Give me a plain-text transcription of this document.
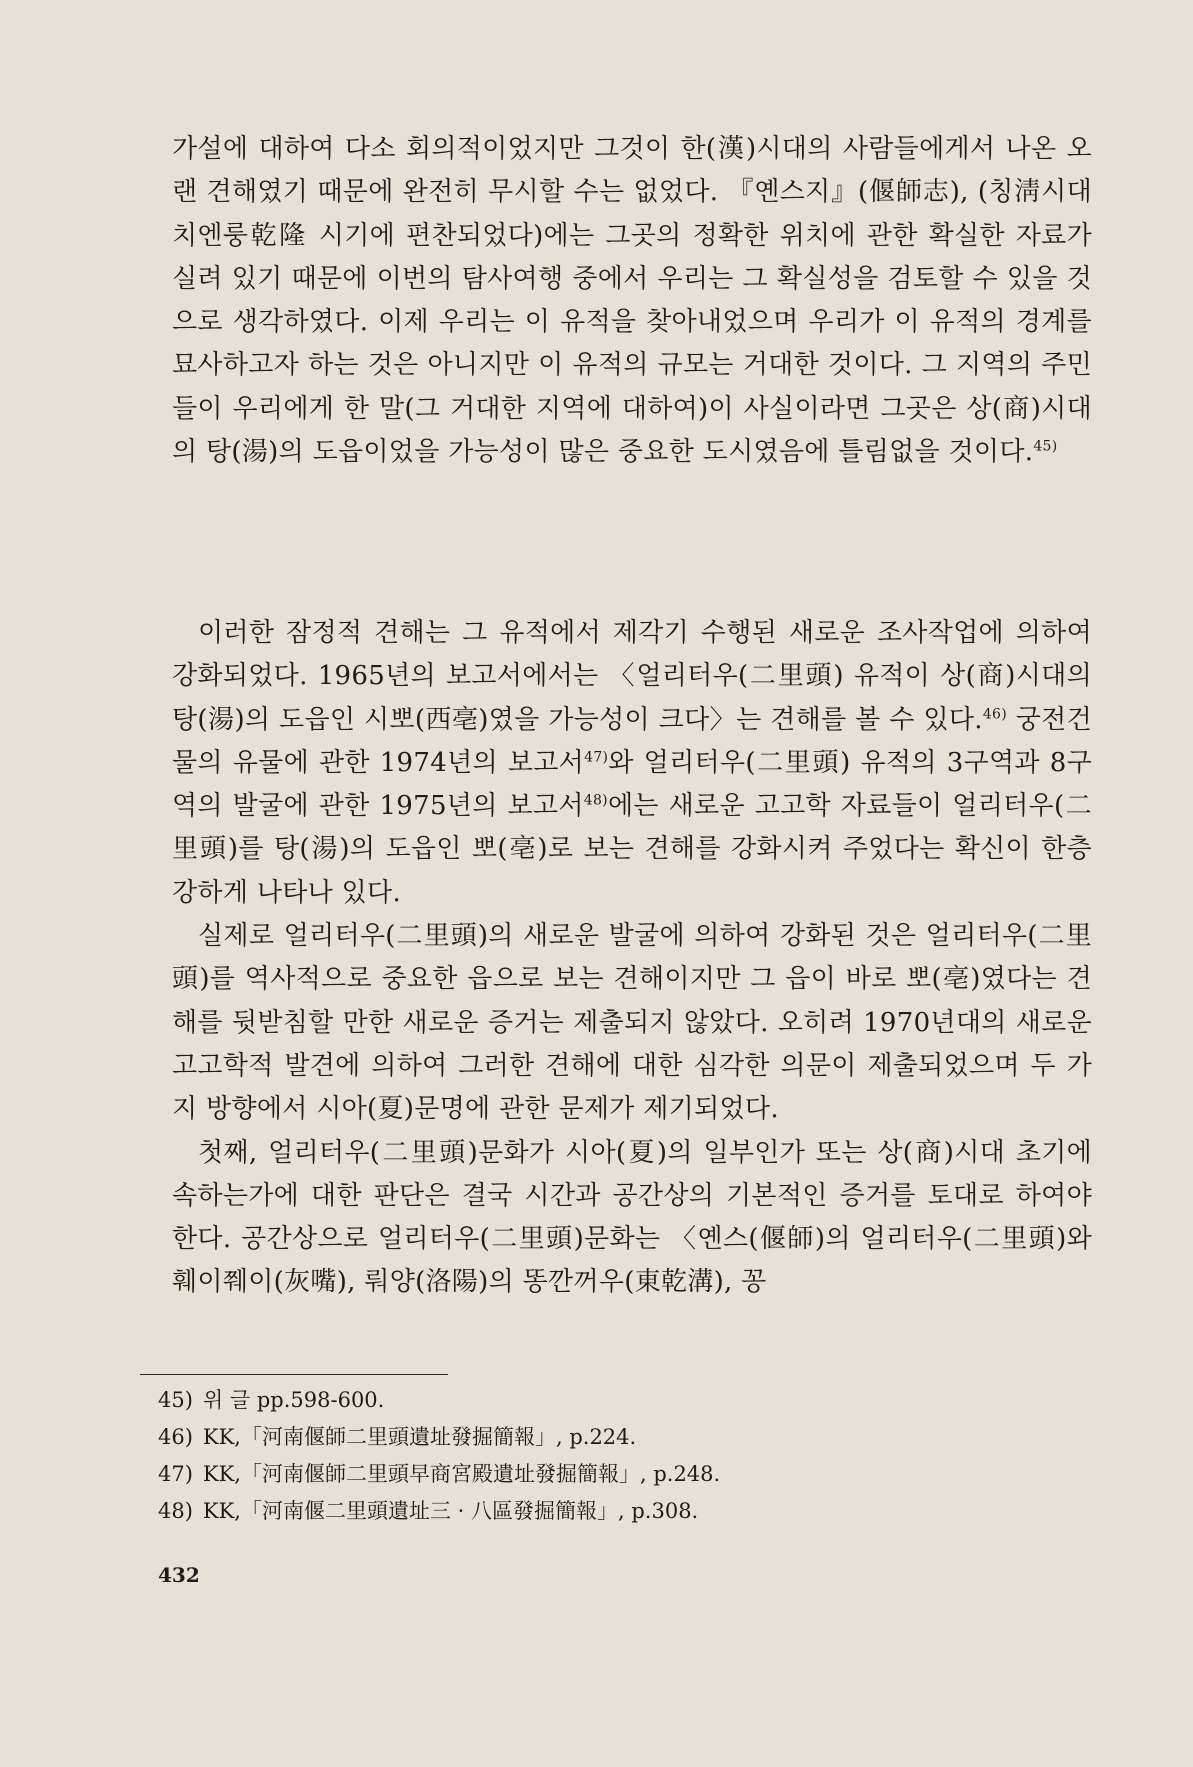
가설에 대하여 다소 회의적이었지만 그것이 한(漢)시대의 사람들에게서 나온 오랜 견해였기 때문에 완전히 무시할 수는 없었다. 『옌스지』(偃師志), (칭淸시대 치엔룽乾隆 시기에 편찬되었다)에는 그곳의 정확한 위치에 관한 확실한 자료가 실려 있기 때문에 이번의 탐사여행 중에서 우리는 그 확실성을 검토할 수 있을 것으로 생각하였다. 이제 우리는 이 유적을 찾아내었으며 우리가 이 유적의 경계를 묘사하고자 하는 것은 아니지만 이 유적의 규모는 거대한 것이다. 그 지역의 주민들이 우리에게 한 말(그 거대한 지역에 대하여)이 사실이라면 그곳은 상(商)시대의 탕(湯)의 도읍이었을 가능성이 많은 중요한 도시였음에 틀림없을 것이다.$^{45)}$

이러한 잠정적 견해는 그 유적에서 제각기 수행된 새로운 조사작업에 의하여 강화되었다. 1965년의 보고서에서는 〈얼리터우(二里頭) 유적이 상(商)시대의 탕(湯)의 도읍인 시뽀(西亳)였을 가능성이 크다〉는 견해를 볼 수 있다.$^{46)}$ 궁전건물의 유물에 관한 1974년의 보고서$^{47)}$와 얼리터우(二里頭) 유적의 3구역과 8구역의 발굴에 관한 1975년의 보고서$^{48)}$에는 새로운 고고학 자료들이 얼리터우(二里頭)를 탕(湯)의 도읍인 뽀(亳)로 보는 견해를 강화시켜 주었다는 확신이 한층 강하게 나타나 있다.

실제로 얼리터우(二里頭)의 새로운 발굴에 의하여 강화된 것은 얼리터우(二里頭)를 역사적으로 중요한 읍으로 보는 견해이지만 그 읍이 바로 뽀(亳)였다는 견해를 뒷받침할 만한 새로운 증거는 제출되지 않았다. 오히려 1970년대의 새로운 고고학적 발견에 의하여 그러한 견해에 대한 심각한 의문이 제출되었으며 두 가지 방향에서 시아(夏)문명에 관한 문제가 제기되었다.

첫째, 얼리터우(二里頭)문화가 시아(夏)의 일부인가 또는 상(商)시대 초기에 속하는가에 대한 판단은 결국 시간과 공간상의 기본적인 증거를 토대로 하여야 한다. 공간상으로 얼리터우(二里頭)문화는 〈옌스(偃師)의 얼리터우(二里頭)와 훼이쮀이(灰嘴), 뤄양(洛陽)의 똥깐꺼우(東乾溝), 꽁

45) 위 글 pp.598-600.
46) KK,「河南偃師二里頭遺址發掘簡報」, p.224.
47) KK,「河南偃師二里頭早商宮殿遺址發掘簡報」, p.248.
48) KK,「河南偃二里頭遺址三 · 八區發掘簡報」, p.308.
432
